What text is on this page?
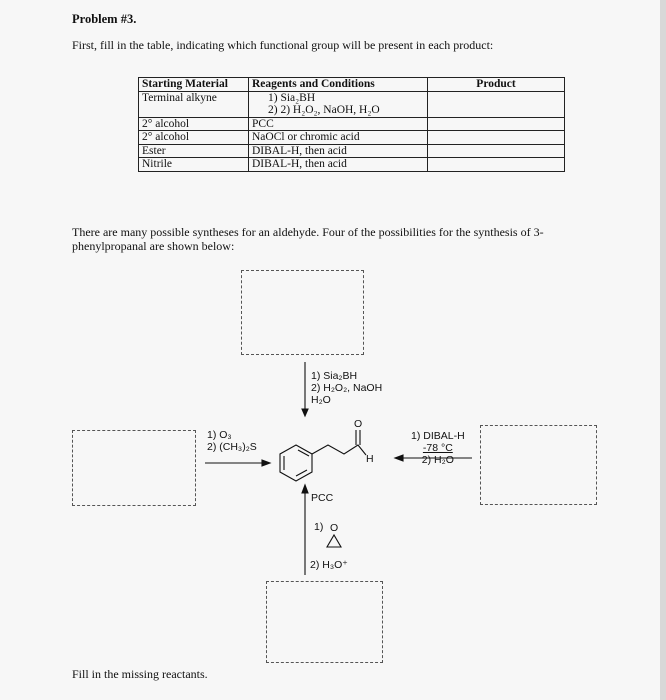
Problem #3.
First, fill in the table, indicating which functional group will be present in each product:
Starting Material	Reagents and Conditions	Product
Terminal alkyne	1) Sia₂BH
2) 2) H₂O₂, NaOH, H₂O	

2° alcohol	PCC	
2° alcohol	NaOCl or chromic acid	
Ester	DIBAL-H, then acid	
Nitrile	DIBAL-H, then acid	
There are many possible syntheses for an aldehyde. Four of the possibilities for the synthesis of 3-phenylpropanal are shown below:
O
H
O
1) Sia₂BH
2) H₂O₂, NaOH
H₂O
1) O₃
2) (CH₃)₂S
1) DIBAL-H
-78 °C
2) H₂O
PCC
1)
2) H₃O⁺
Fill in the missing reactants.
